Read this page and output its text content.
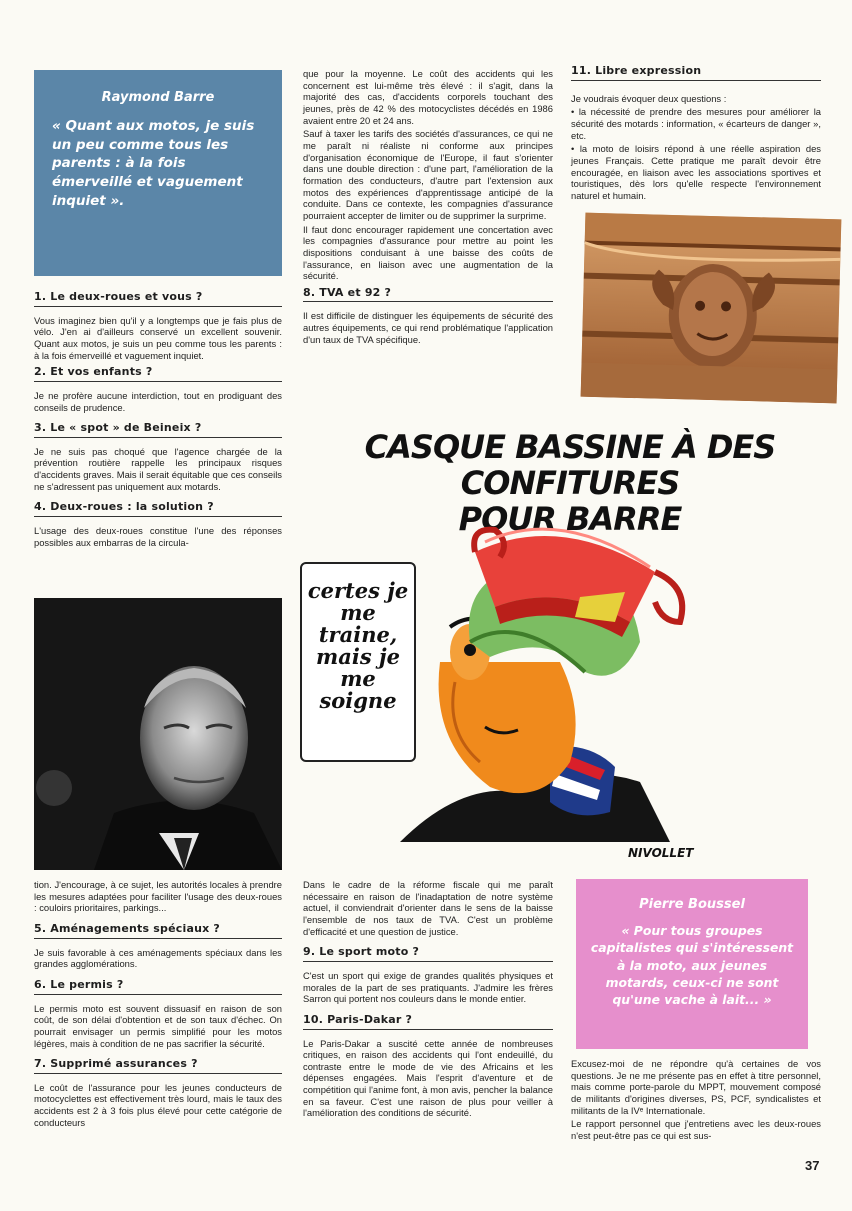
Raymond Barre
« Quant aux motos, je suis un peu comme tous les parents : à la fois émerveillé et vaguement inquiet ».
1. Le deux-roues et vous ?

Vous imaginez bien qu'il y a longtemps que je fais plus de vélo. J'en ai d'ailleurs conservé un excellent souvenir. Quant aux motos, je suis un peu comme tous les parents : à la fois émerveillé et vaguement inquiet.

2. Et vos enfants ?

Je ne profère aucune interdiction, tout en prodiguant des conseils de prudence.

3. Le « spot » de Beineix ?

Je ne suis pas choqué que l'agence chargée de la prévention routière rappelle les principaux risques d'accidents graves. Mais il serait équitable que ces conseils ne s'adressent pas uniquement aux motards.

4. Deux-roues : la solution ?

L'usage des deux-roues constitue l'une des réponses possibles aux embarras de la circula-

tion. J'encourage, à ce sujet, les autorités locales à prendre les mesures adaptées pour faciliter l'usage des deux-roues : couloirs prioritaires, parkings...

5. Aménagements spéciaux ?

Je suis favorable à ces aménagements spéciaux dans les grandes agglomérations.

6. Le permis ?

Le permis moto est souvent dissuasif en raison de son coût, de son délai d'obtention et de son taux d'échec. On pourrait envisager un permis simplifié pour les motos légères, mais à condition de ne pas sacrifier la sécurité.

7. Supprimé assurances ?

Le coût de l'assurance pour les jeunes conducteurs de motocyclettes est effectivement très lourd, mais le taux des accidents est 2 à 3 fois plus élevé pour cette catégorie de conducteurs

que pour la moyenne. Le coût des accidents qui les concernent est lui-même très élevé : il s'agit, dans la majorité des cas, d'accidents corporels touchant des jeunes, près de 42 % des motocyclistes décédés en 1986 avaient entre 20 et 24 ans.

Sauf à taxer les tarifs des sociétés d'assurances, ce qui ne me paraît ni réaliste ni conforme aux principes d'organisation économique de l'Europe, il faut s'orienter dans une double direction : d'une part, l'amélioration de la formation des conducteurs, d'autre part l'extension aux motos des expériences d'apprentissage anticipé de la conduite. Dans ce contexte, les compagnies d'assurance pourraient accepter de limiter ou de supprimer la surprime.

Il faut donc encourager rapidement une concertation avec les compagnies d'assurance pour mettre au point les dispositions conduisant à une baisse des coûts de l'assurance, en liaison avec une augmentation de la sécurité.

8. TVA et 92 ?

Il est difficile de distinguer les équipements de sécurité des autres équipements, ce qui rend problématique l'application d'un taux de TVA spécifique.

11. Libre expression

Je voudrais évoquer deux questions :

• la nécessité de prendre des mesures pour améliorer la sécurité des motards : information, « écarteurs de danger », etc.

• la moto de loisirs répond à une réelle aspiration des jeunes Français. Cette pratique me paraît devoir être encouragée, en liaison avec les associations sportives et touristiques, dès lors qu'elle respecte l'environnement naturel et humain.

CASQUE BASSINE À DES CONFITURES
POUR BARRE
certes je me traine, mais je me soigne
NIVOLLET

Dans le cadre de la réforme fiscale qui me paraît nécessaire en raison de l'inadaptation de notre système actuel, il conviendrait d'orienter dans le sens de la baisse l'ensemble de nos taux de TVA. C'est un problème d'efficacité et une question de justice.

9. Le sport moto ?

C'est un sport qui exige de grandes qualités physiques et morales de la part de ses pratiquants. J'admire les frères Sarron qui portent nos couleurs dans le monde entier.

10. Paris-Dakar ?

Le Paris-Dakar a suscité cette année de nombreuses critiques, en raison des accidents qui l'ont endeuillé, du contraste entre le mode de vie des Africains et les dépenses engagées. Mais l'esprit d'aventure et de compétition qui l'anime font, à mon avis, pencher la balance en sa faveur. C'est une raison de plus pour veiller à l'amélioration des conditions de sécurité.

Pierre Boussel
« Pour tous groupes capitalistes qui s'intéressent à la moto, aux jeunes motards, ceux-ci ne sont qu'une vache à lait... »

Excusez-moi de ne répondre qu'à certaines de vos questions. Je ne me présente pas en effet à titre personnel, mais comme porte-parole du MPPT, mouvement composé de militants d'origines diverses, PS, PCF, syndicalistes et militants de la IVᵉ Internationale.

Le rapport personnel que j'entretiens avec les deux-roues n'est peut-être pas ce qui est sus-

37
